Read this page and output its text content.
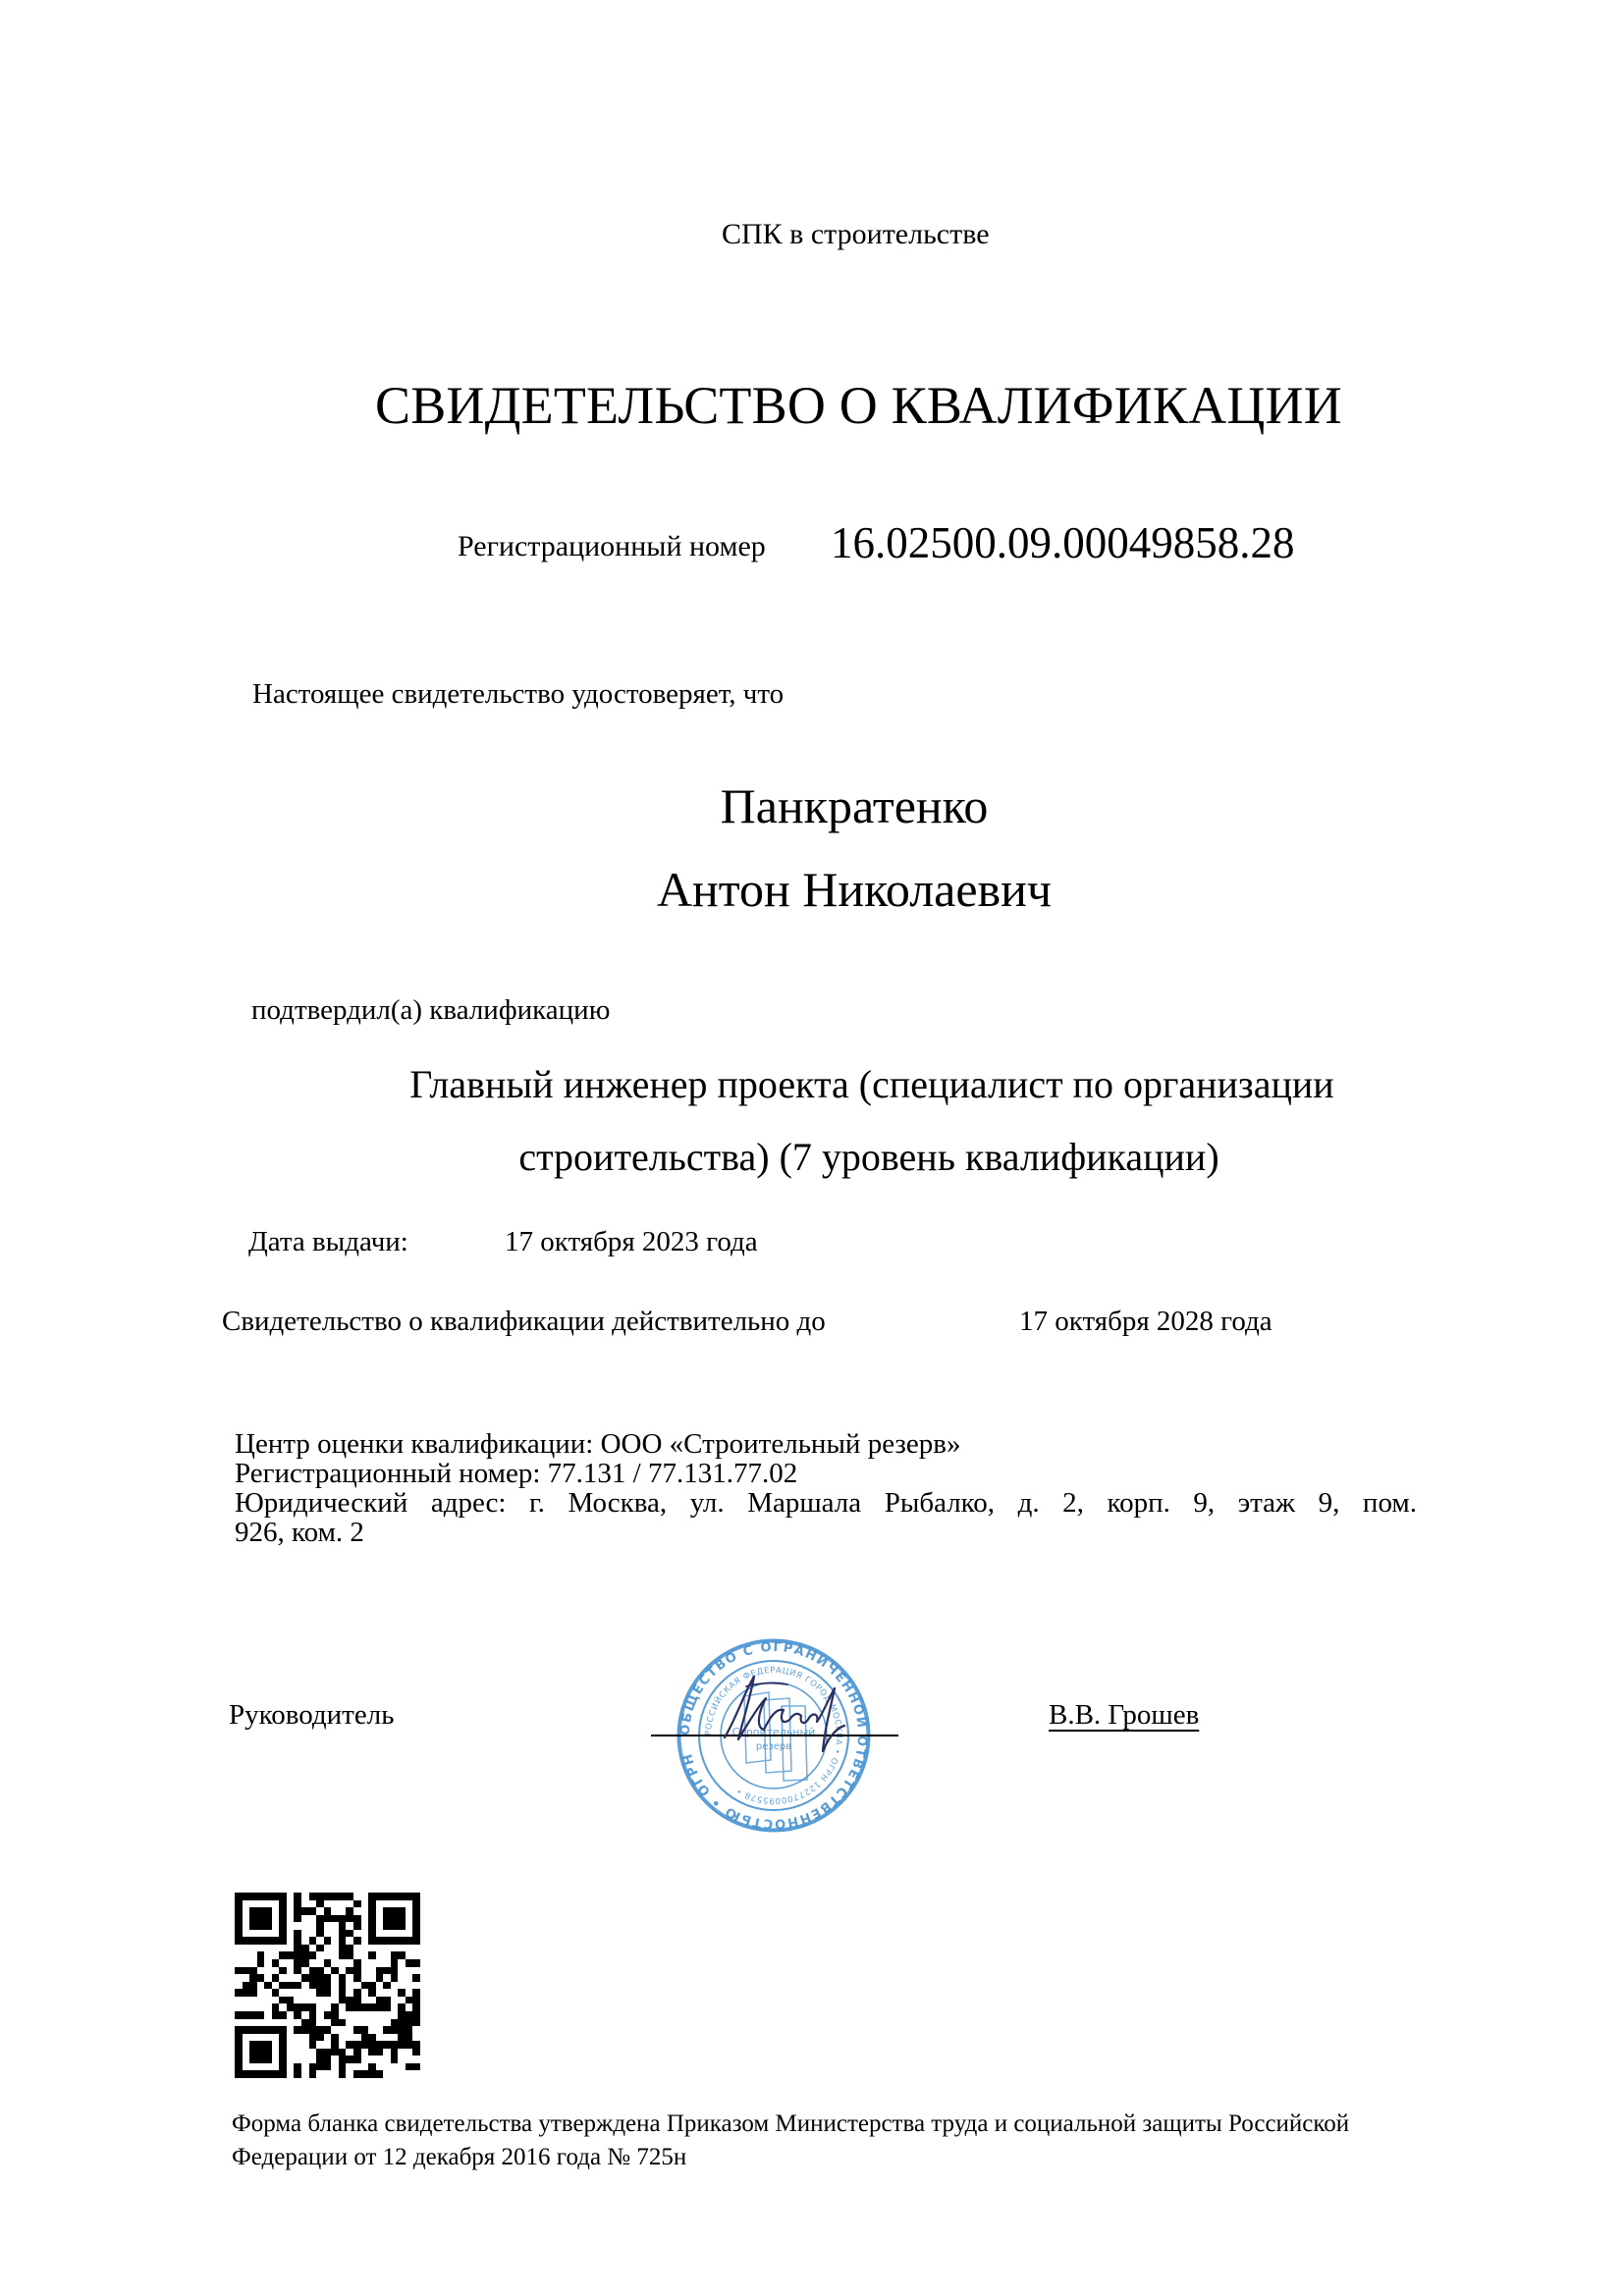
СПК в строительстве
СВИДЕТЕЛЬСТВО О КВАЛИФИКАЦИИ
Регистрационный номер 16.02500.09.00049858.28
Настоящее свидетельство удостоверяет, что
Панкратенко
Антон Николаевич
подтвердил(а) квалификацию
Главный инженер проекта (специалист по организации
строительства) (7 уровень квалификации)
Дата выдачи:	17 октября 2023 года
Свидетельство о квалификации действительно до	17 октября 2028 года
Центр оценки квалификации: ООО «Строительный резерв»
Регистрационный номер: 77.131 / 77.131.77.02
Юридический адрес: г. Москва, ул. Маршала Рыбалко, д. 2, корп. 9, этаж 9, пом.
926, ком. 2
Руководитель	ОБЩЕСТВО С ОГРАНИЧЕННОЙ ОТВЕТСТВЕННОСТЬЮ • ОГРН
РОССИЙСКАЯ ФЕДЕРАЦИЯ ГОРОД МОСКВА • ОГРН 1227700095578 •
Строительный
резерв
В.В. Грошев
Форма бланка свидетельства утверждена Приказом Министерства труда и социальной защиты Российской
Федерации от 12 декабря 2016 года № 725н
